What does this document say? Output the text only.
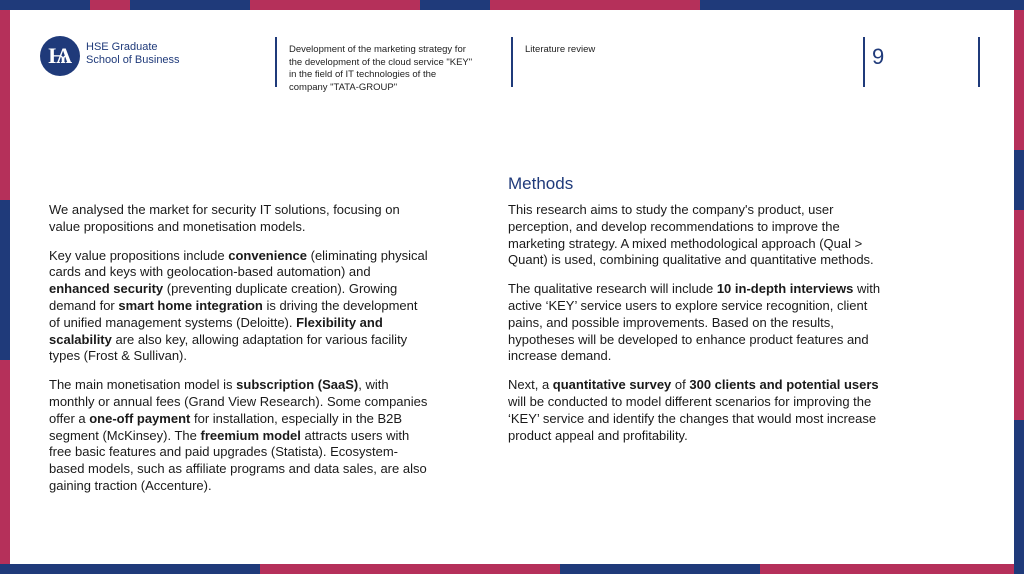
Ѩ	HSE Graduate
School of Business
Development of the marketing strategy for the development of the cloud service "KEY" in the field of IT technologies of the company "TATA-GROUP"
Literature review	9

We analysed the market for security IT solutions, focusing on value propositions and monetisation models.

Key value propositions include convenience (eliminating physical cards and keys with geolocation-based automation) and enhanced security (preventing duplicate creation). Growing demand for smart home integration is driving the development of unified management systems (Deloitte). Flexibility and scalability are also key, allowing adaptation for various facility types (Frost & Sullivan).

The main monetisation model is subscription (SaaS), with monthly or annual fees (Grand View Research). Some companies offer a one-off payment for installation, especially in the B2B segment (McKinsey). The freemium model attracts users with free basic features and paid upgrades (Statista). Ecosystem-based models, such as affiliate programs and data sales, are also gaining traction (Accenture).

Methods

This research aims to study the company's product, user perception, and develop recommendations to improve the marketing strategy. A mixed methodological approach (Qual > Quant) is used, combining qualitative and quantitative methods.

The qualitative research will include 10 in-depth interviews with active ‘KEY’ service users to explore service recognition, client pains, and possible improvements. Based on the results, hypotheses will be developed to enhance product features and increase demand.

Next, a quantitative survey of 300 clients and potential users will be conducted to model different scenarios for improving the ‘KEY’ service and identify the changes that would most increase product appeal and profitability.
